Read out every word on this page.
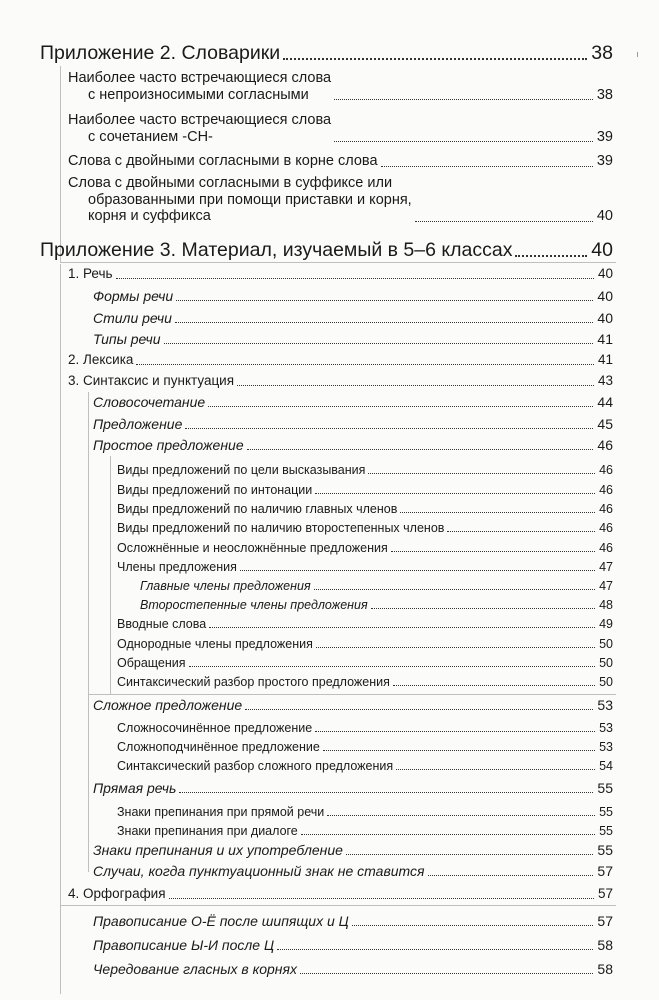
Приложение 2. Словарики	38
Наиболее часто встречающиеся слова
с непроизносимыми согласными	38
Наиболее часто встречающиеся слова
с сочетанием -СН-	39
Слова с двойными согласными в корне слова	39
Слова с двойными согласными в суффиксе или
образованными при помощи приставки и корня,
корня и суффикса	40
Приложение 3. Материал, изучаемый в 5–6 классах	40
1. Речь	40
Формы речи	40
Стили речи	40
Типы речи	41
2. Лексика	41
3. Синтаксис и пунктуация	43
Словосочетание	44
Предложение	45
Простое предложение	46
Виды предложений по цели высказывания	46
Виды предложений по интонации	46
Виды предложений по наличию главных членов	46
Виды предложений по наличию второстепенных членов	46
Осложнённые и неосложнённые предложения	46
Члены предложения	47
Главные члены предложения	47
Второстепенные члены предложения	48
Вводные слова	49
Однородные члены предложения	50
Обращения	50
Синтаксический разбор простого предложения	50
Сложное предложение	53
Сложносочинённое предложение	53
Сложноподчинённое предложение	53
Синтаксический разбор сложного предложения	54
Прямая речь	55
Знаки препинания при прямой речи	55
Знаки препинания при диалоге	55
Знаки препинания и их употребление	55
Случаи, когда пунктуационный знак не ставится	57
4. Орфография	57
Правописание О-Ё после шипящих и Ц	57
Правописание Ы-И после Ц	58
Чередование гласных в корнях	58
